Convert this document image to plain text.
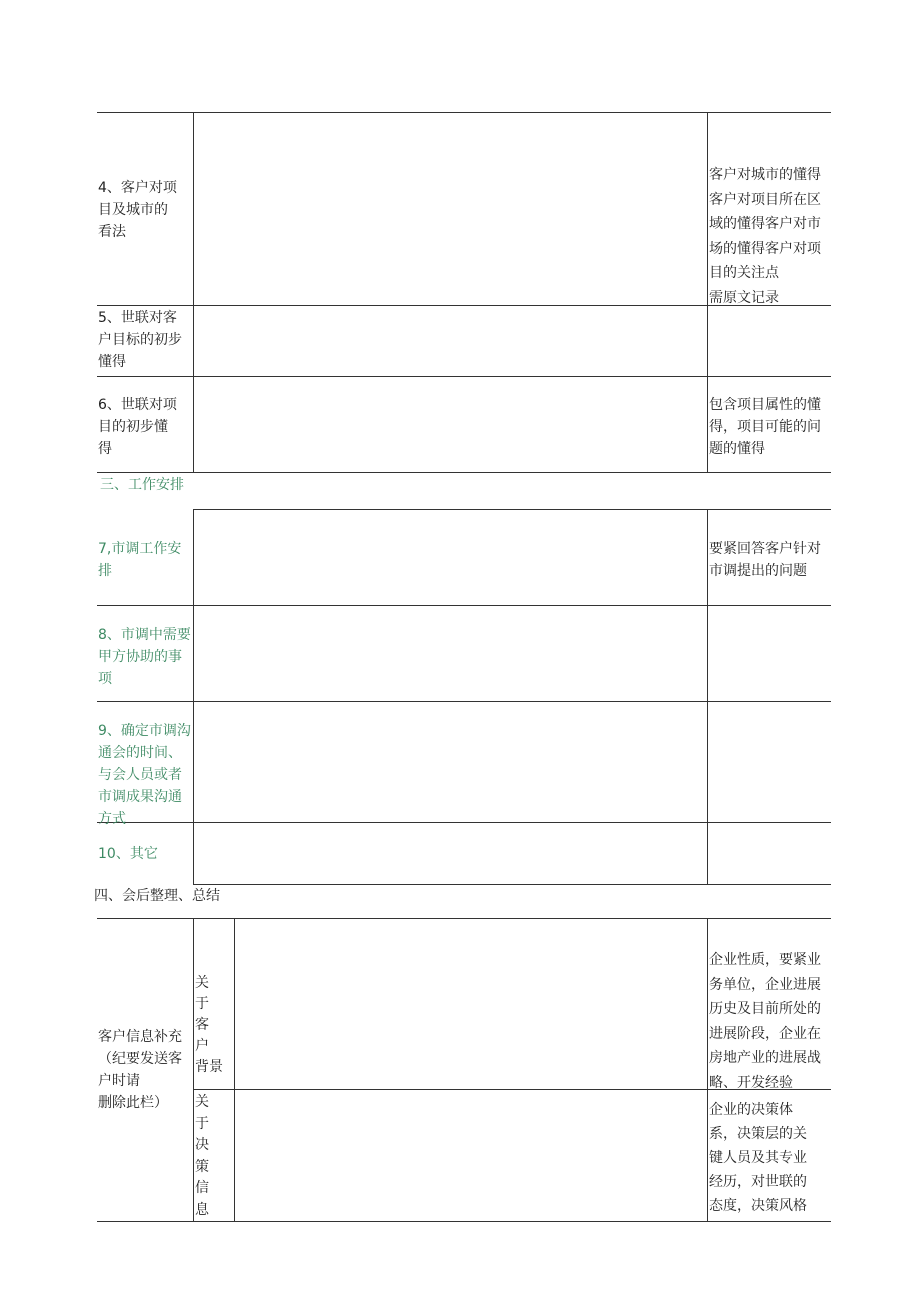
4、客户对项
目及城市的
看法
客户对城市的懂得
客户对项目所在区
域的懂得客户对市
场的懂得客户对项
目的关注点
需原文记录
5、世联对客
户目标的初步
懂得
6、世联对项
目的初步懂
得
包含项目属性的懂
得，项目可能的问
题的懂得
三、工作安排
7,市调工作安
排
要紧回答客户针对
市调提出的问题
8、市调中需要
甲方协助的事
项
9、确定市调沟
通会的时间、
与会人员或者
市调成果沟通
方式
10、其它
四、会后整理、总结
客户信息补充
（纪要发送客
户时请
删除此栏）
关　于
客　户
背景
企业性质，要紧业
务单位，企业进展
历史及目前所处的
进展阶段，企业在
房地产业的进展战
略、开发经验
关
于
决
策
信
息
企业的决策体
系，决策层的关
键人员及其专业
经历，对世联的
态度，决策风格
